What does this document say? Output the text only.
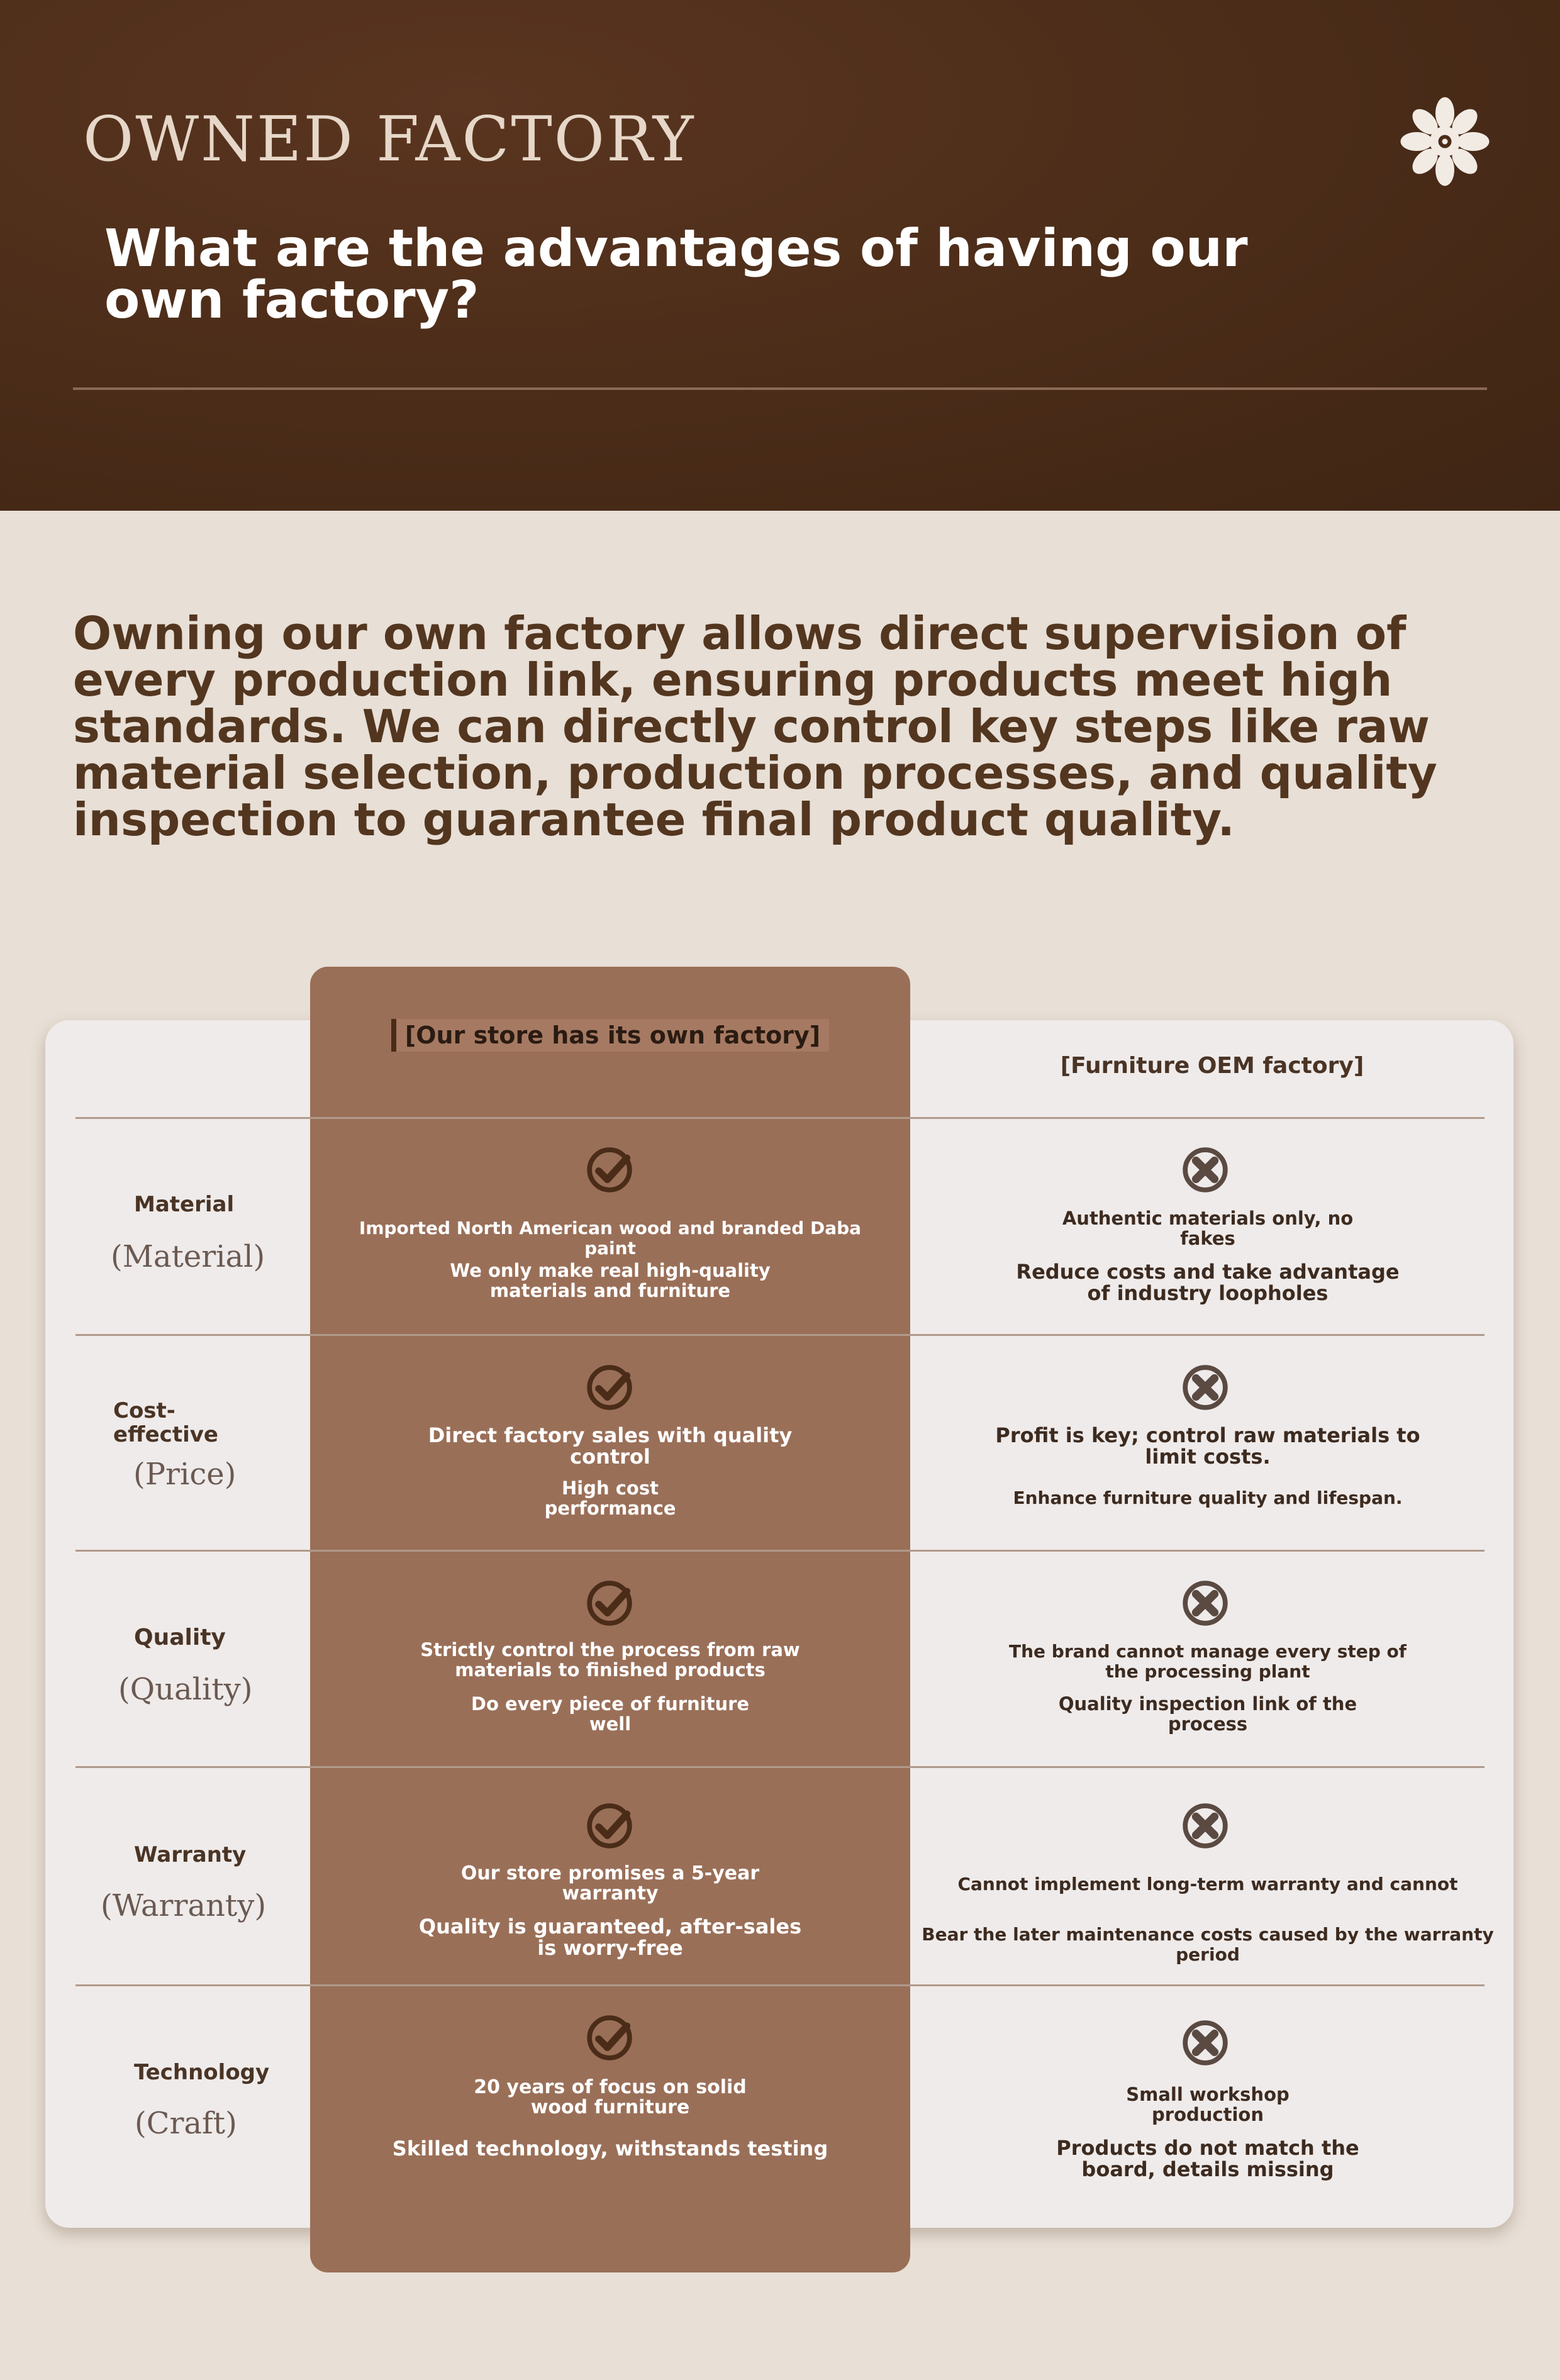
OWNED FACTORY
What are the advantages of having our own factory?

Owning our own factory allows direct supervision of every production link, ensuring products meet high standards. We can directly control key steps like raw material selection, production processes, and quality inspection to guarantee final product quality.

[Our store has its own factory]
[Furniture OEM factory]
Material
(Material)
Imported North American wood and branded Daba paint
We only make real high-quality materials and furniture
Authentic materials only, no fakes
Reduce costs and take advantage of industry loopholes
Cost-effective
(Price)
Direct factory sales with quality control
High cost performance
Profit is key; control raw materials to limit costs.
Enhance furniture quality and lifespan.
Quality
(Quality)
Strictly control the process from raw materials to finished products
Do every piece of furniture well
The brand cannot manage every step of the processing plant
Quality inspection link of the process
Warranty
(Warranty)
Our store promises a 5-year warranty
Quality is guaranteed, after-sales is worry-free
Cannot implement long-term warranty and cannot
Bear the later maintenance costs caused by the warranty period
Technology
(Craft)
20 years of focus on solid wood furniture
Skilled technology, withstands testing
Small workshop production
Products do not match the board, details missing
